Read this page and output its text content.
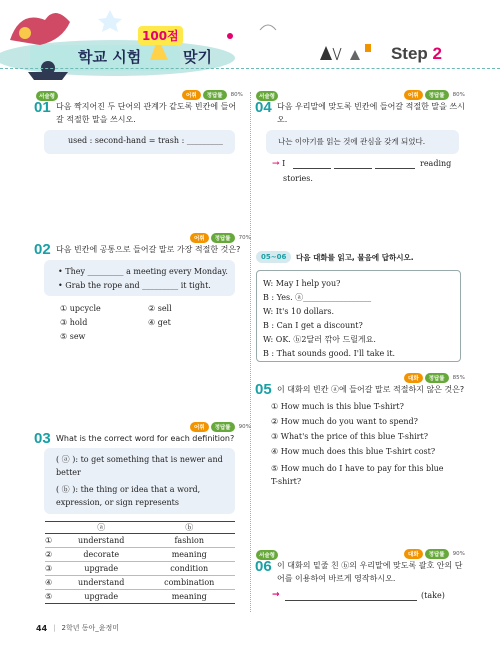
학교 시험
100점
맞기	Step 2
서술형	어휘	정답률	80%
01 다음 짝지어진 두 단어의 관계가 같도록 빈칸에 들어갈 적절한 말을 쓰시오.
used : second-hand = trash : _________
어휘	정답률	70%
02 다음 빈칸에 공통으로 들어갈 말로 가장 적절한 것은?
• They _________ a meeting every Monday.
• Grab the rope and _________ it tight.
① upcycle	② sell
③ hold	④ get
⑤ sew
어휘	정답률	90%
03 What is the correct word for each definition?
( ⓐ ): to get something that is newer and better
( ⓑ ): the thing or idea that a word, expression, or sign represents
	ⓐ	ⓑ
①	understand	fashion
②	decorate	meaning
③	upgrade	condition
④	understand	combination
⑤	upgrade	meaning
서술형	어휘	정답률	80%
04 다음 우리말에 맞도록 빈칸에 들어갈 적절한 말을 쓰시오.
나는 이야기를 읽는 것에 관심을 갖게 되었다.
→ I	reading
stories.
05~06	다음 대화를 읽고, 물음에 답하시오.
W: May I help you?
B : Yes. ⓐ_________________
W: It's 10 dollars.
B : Can I get a discount?
W: OK. ⓑ2달러 깎아 드릴게요.
B : That sounds good. I'll take it.
대화	정답률	85%
05 이 대화의 빈칸 ⓐ에 들어갈 말로 적절하지 않은 것은?
① How much is this blue T-shirt?
② How much do you want to spend?
③ What's the price of this blue T-shirt?
④ How much does this blue T-shirt cost?
⑤ How much do I have to pay for this blue T-shirt?
서술형	대화	정답률	90%
06 이 대화의 밑줄 친 ⓑ의 우리말에 맞도록 괄호 안의 단어를 이용하여 바르게 영작하시오.
→	(take)
44 | 2학년 동아_윤정미
